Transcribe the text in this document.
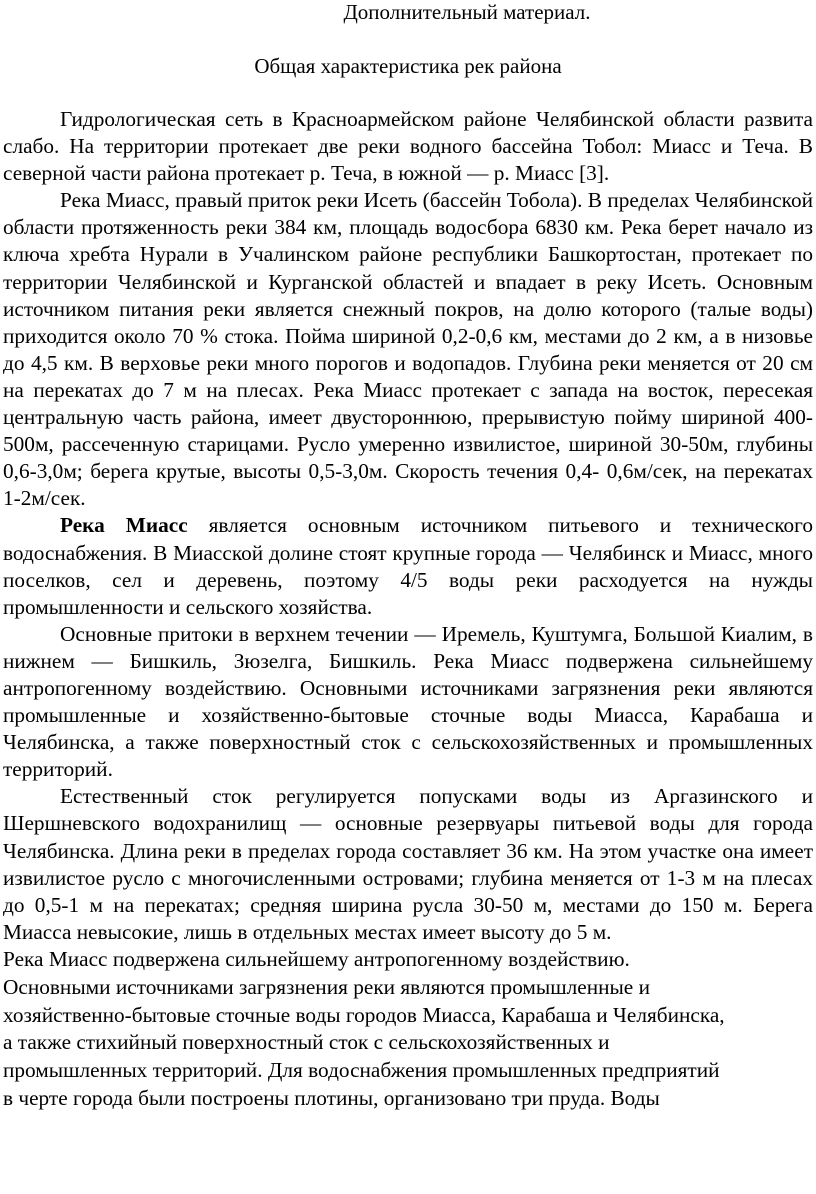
Дополнительный материал.

Общая характеристика рек района

Гидрологическая сеть в Красноармейском районе Челябинской области развита слабо. На территории протекает две реки водного бассейна Тобол: Миасс и Теча. В северной части района протекает р. Теча, в южной — р. Миасс [3].

Река Миасс, правый приток реки Исеть (бассейн Тобола). В пределах Челябинской области протяженность реки 384 км, площадь водосбора 6830 км. Река берет начало из ключа хребта Нурали в Учалинском районе республики Башкортостан, протекает по территории Челябинской и Курганской областей и впадает в реку Исеть. Основным источником питания реки является снежный покров, на долю которого (талые воды) приходится около 70 % стока. Пойма шириной 0,2-0,6 км, местами до 2 км, а в низовье до 4,5 км. В верховье реки много порогов и водопадов. Глубина реки меняется от 20 см на перекатах до 7 м на плесах. Река Миасс протекает с запада на восток, пересекая центральную часть района, имеет двустороннюю, прерывистую пойму шириной 400-500м, рассеченную старицами. Русло умеренно извилистое, шириной 30-50м, глубины 0,6-3,0м; берега крутые, высоты 0,5-3,0м. Скорость течения 0,4- 0,6м/сек, на перекатах 1-2м/сек.

Река Миасс является основным источником питьевого и технического водоснабжения. В Миасской долине стоят крупные города — Челябинск и Миасс, много поселков, сел и деревень, поэтому 4/5 воды реки расходуется на нужды промышленности и сельского хозяйства.

Основные притоки в верхнем течении — Иремель, Куштумга, Большой Киалим, в нижнем — Бишкиль, Зюзелга, Бишкиль. Река Миасс подвержена сильнейшему антропогенному воздействию. Основными источниками загрязнения реки являются промышленные и хозяйственно-бытовые сточные воды Миасса, Карабаша и Челябинска, а также поверхностный сток с сельскохозяйственных и промышленных территорий.

Естественный сток регулируется попусками воды из Аргазинского и Шершневского водохранилищ — основные резервуары питьевой воды для города Челябинска. Длина реки в пределах города составляет 36 км. На этом участке она имеет извилистое русло с многочисленными островами; глубина меняется от 1-3 м на плесах до 0,5-1 м на перекатах; средняя ширина русла 30-50 м, местами до 150 м. Берега Миасса невысокие, лишь в отдельных местах имеет высоту до 5 м.

Река Миасс подвержена сильнейшему антропогенному воздействию.
Основными источниками загрязнения реки являются промышленные и
хозяйственно-бытовые сточные воды городов Миасса, Карабаша и Челябинска,
а также стихийный поверхностный сток с сельскохозяйственных и
промышленных территорий. Для водоснабжения промышленных предприятий
в черте города были построены плотины, организовано три пруда. Воды
